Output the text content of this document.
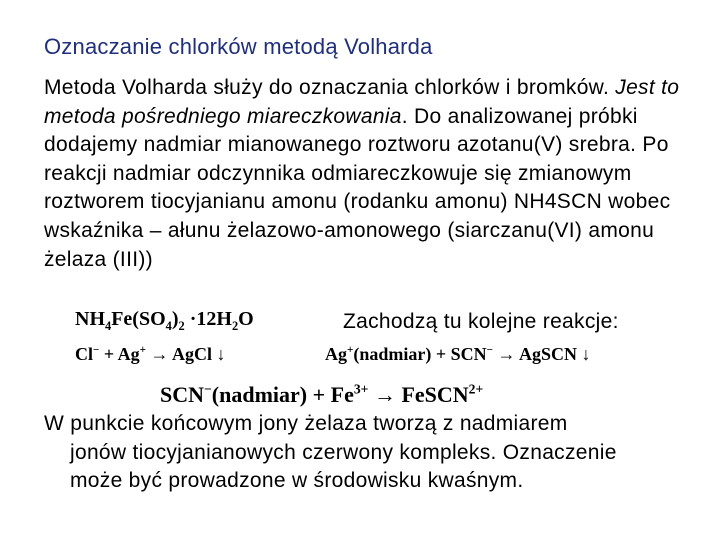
Oznaczanie chlorków metodą Volharda
Metoda Volharda służy do oznaczania chlorków i bromków. Jest to metoda pośredniego miareczkowania. Do analizowanej próbki dodajemy nadmiar mianowanego roztworu azotanu(V) srebra. Po reakcji nadmiar odczynnika odmiareczkowuje się zmianowym roztworem tiocyjanianu amonu (rodanku amonu) NH4SCN wobec wskaźnika – ałunu żelazowo-amonowego (siarczanu(VI) amonu żelaza (III))
$NH_4Fe(SO_4)_2 \cdot 12H_2O$	Zachodzą tu kolejne reakcje:
Cl− + Ag+ → AgCl ↓	Ag+(nadmiar) + SCN− → AgSCN ↓
SCN−(nadmiar) + $Fe^{3+}$ → FeSCN$^{2+}$
W punkcie końcowym jony żelaza tworzą z nadmiarem
jonów tiocyjanianowych czerwony kompleks. Oznaczenie
może być prowadzone w środowisku kwaśnym.
